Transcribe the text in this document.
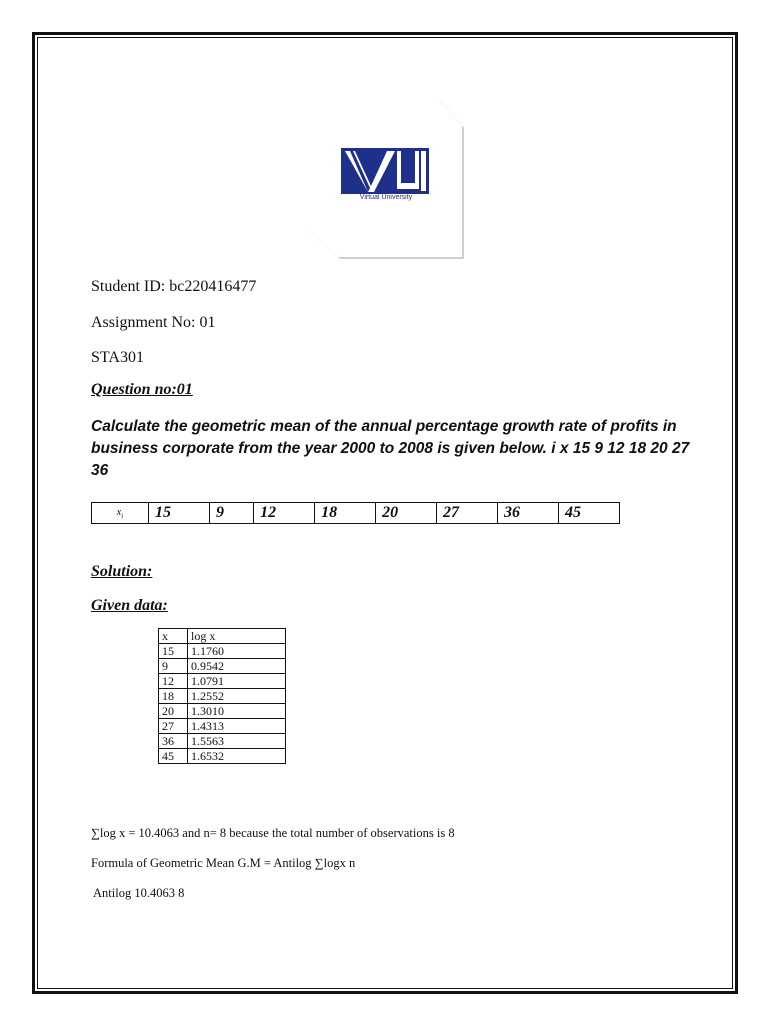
Virtual University
Student ID: bc220416477
Assignment No: 01
STA301
Question no:01
Calculate the geometric mean of the annual percentage growth rate of profits in business corporate from the year 2000 to 2008 is given below. i x 15 9 12 18 20 27 36
$x_i$	15	9	12	18	20	27	36	45
Solution:
Given data:
x	log x
15	1.1760
9	0.9542
12	1.0791
18	1.2552
20	1.3010
27	1.4313
36	1.5563
45	1.6532
∑log x = 10.4063 and n= 8 because the total number of observations is 8
Formula of Geometric Mean G.M = Antilog ∑logx n
Antilog 10.4063 8
